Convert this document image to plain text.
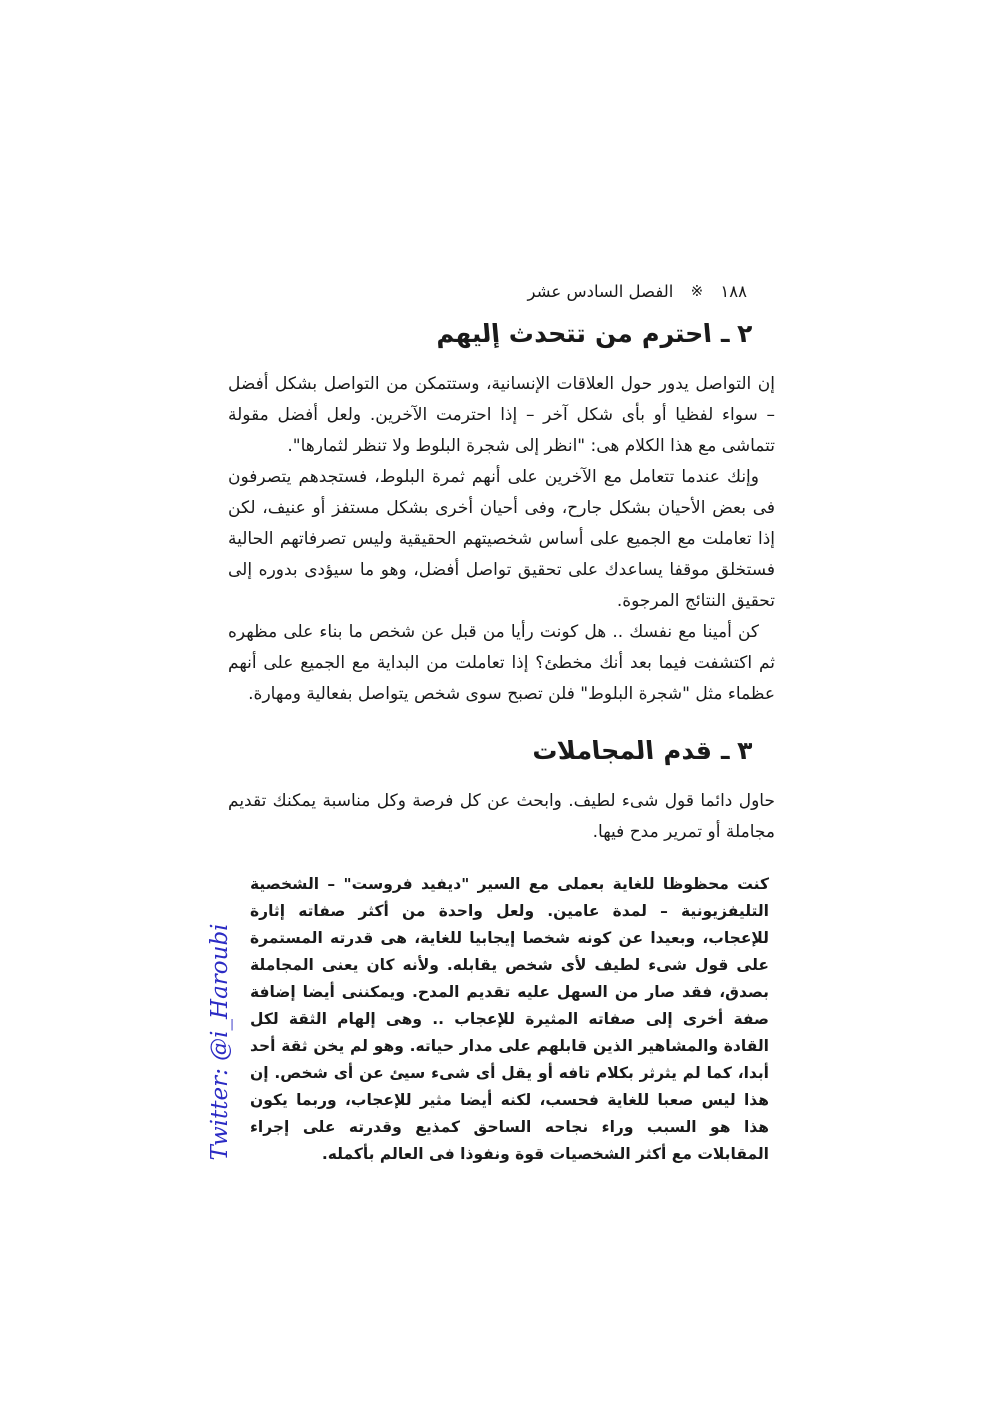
١٨٨ ※ الفصل السادس عشر
٢ ـ احترم من تتحدث إليهم

إن التواصل يدور حول العلاقات الإنسانية، وستتمكن من التواصل بشكل أفضل – سواء لفظيا أو بأى شكل آخر – إذا احترمت الآخرين. ولعل أفضل مقولة تتماشى مع هذا الكلام هى: "انظر إلى شجرة البلوط ولا تنظر لثمارها".

وإنك عندما تتعامل مع الآخرين على أنهم ثمرة البلوط، فستجدهم يتصرفون فى بعض الأحيان بشكل جارح، وفى أحيان أخرى بشكل مستفز أو عنيف، لكن إذا تعاملت مع الجميع على أساس شخصيتهم الحقيقية وليس تصرفاتهم الحالية فستخلق موقفا يساعدك على تحقيق تواصل أفضل، وهو ما سيؤدى بدوره إلى تحقيق النتائج المرجوة.

كن أمينا مع نفسك .. هل كونت رأيا من قبل عن شخص ما بناء على مظهره ثم اكتشفت فيما بعد أنك مخطئ؟ إذا تعاملت من البداية مع الجميع على أنهم عظماء مثل "شجرة البلوط" فلن تصبح سوى شخص يتواصل بفعالية ومهارة.

٣ ـ قدم المجاملات

حاول دائما قول شىء لطيف. وابحث عن كل فرصة وكل مناسبة يمكنك تقديم مجاملة أو تمرير مدح فيها.

كنت محظوظا للغاية بعملى مع السير "ديفيد فروست" – الشخصية التليفزيونية – لمدة عامين. ولعل واحدة من أكثر صفاته إثارة للإعجاب، وبعيدا عن كونه شخصا إيجابيا للغاية، هى قدرته المستمرة على قول شىء لطيف لأى شخص يقابله. ولأنه كان يعنى المجاملة بصدق، فقد صار من السهل عليه تقديم المدح. ويمكننى أيضا إضافة صفة أخرى إلى صفاته المثيرة للإعجاب .. وهى إلهام الثقة لكل القادة والمشاهير الذين قابلهم على مدار حياته. وهو لم يخن ثقة أحد أبدا، كما لم يثرثر بكلام تافه أو يقل أى شىء سيئ عن أى شخص. إن هذا ليس صعبا للغاية فحسب، لكنه أيضا مثير للإعجاب، وربما يكون هذا هو السبب وراء نجاحه الساحق كمذيع وقدرته على إجراء المقابلات مع أكثر الشخصيات قوة ونفوذا فى العالم بأكمله.
Twitter: @i_Haroubi
